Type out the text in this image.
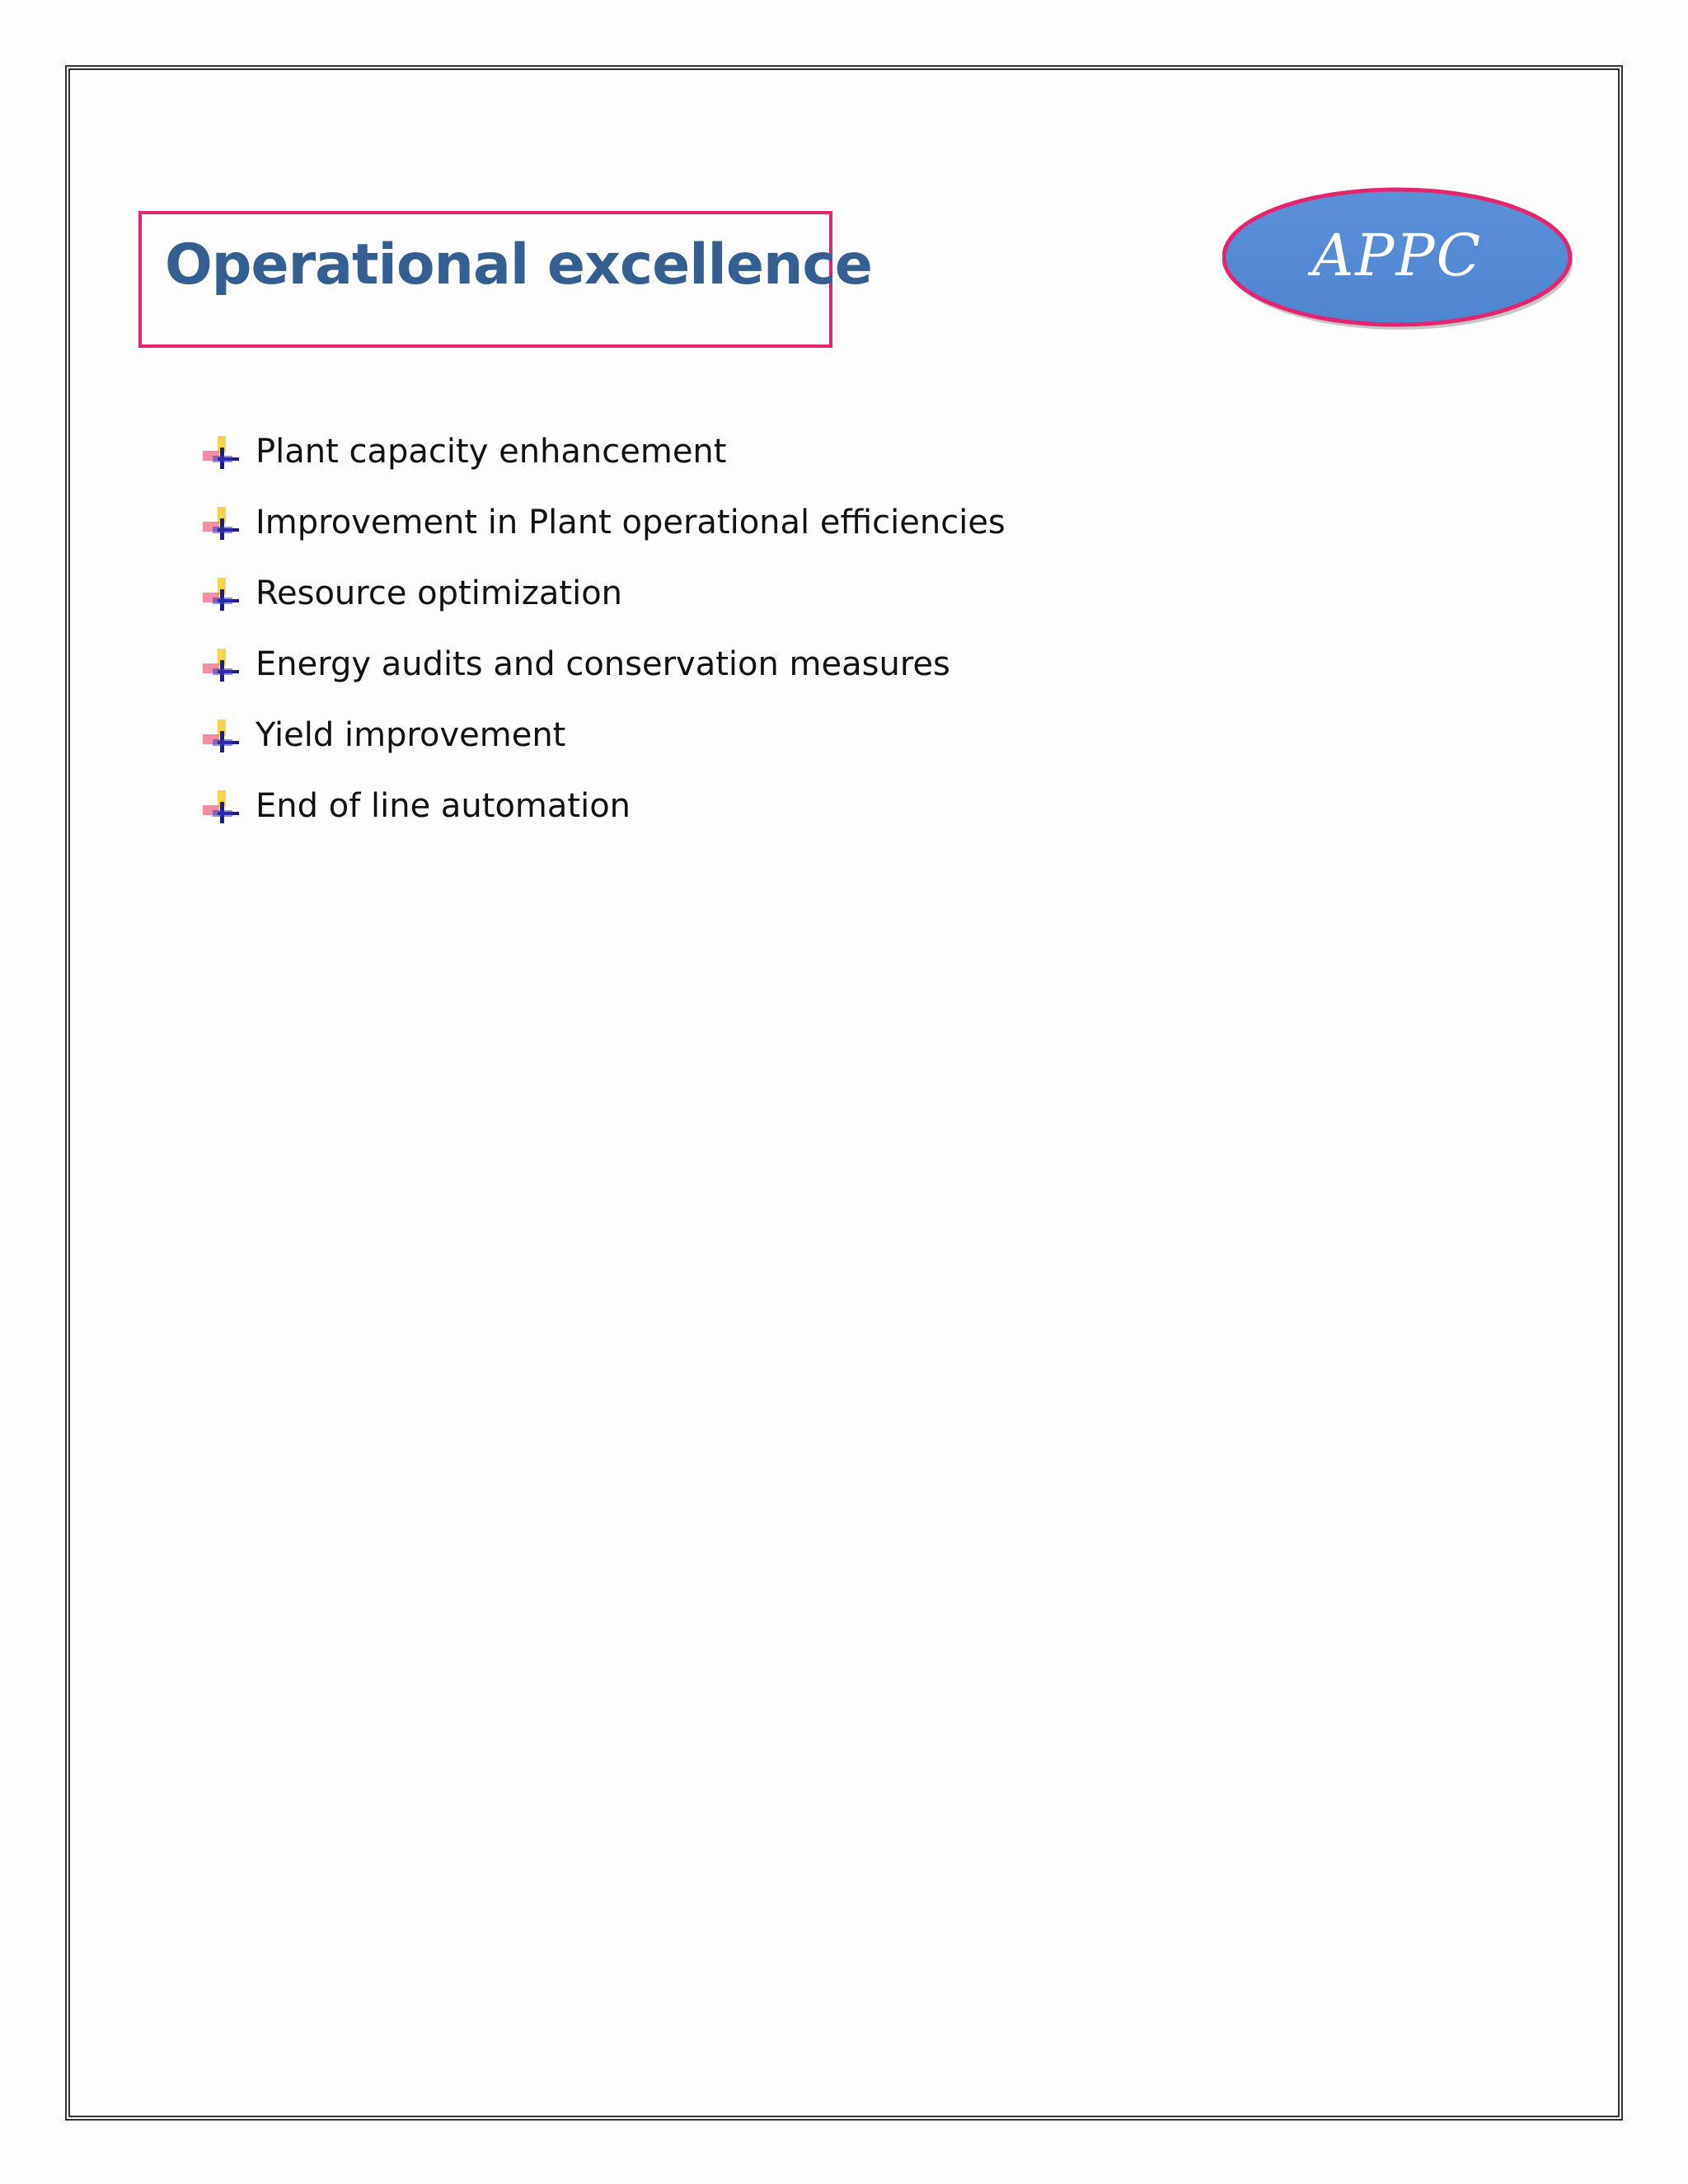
Operational excellence	APPC
Plant capacity enhancement
Improvement in Plant operational efficiencies
Resource optimization
Energy audits and conservation measures
Yield improvement
End of line automation
